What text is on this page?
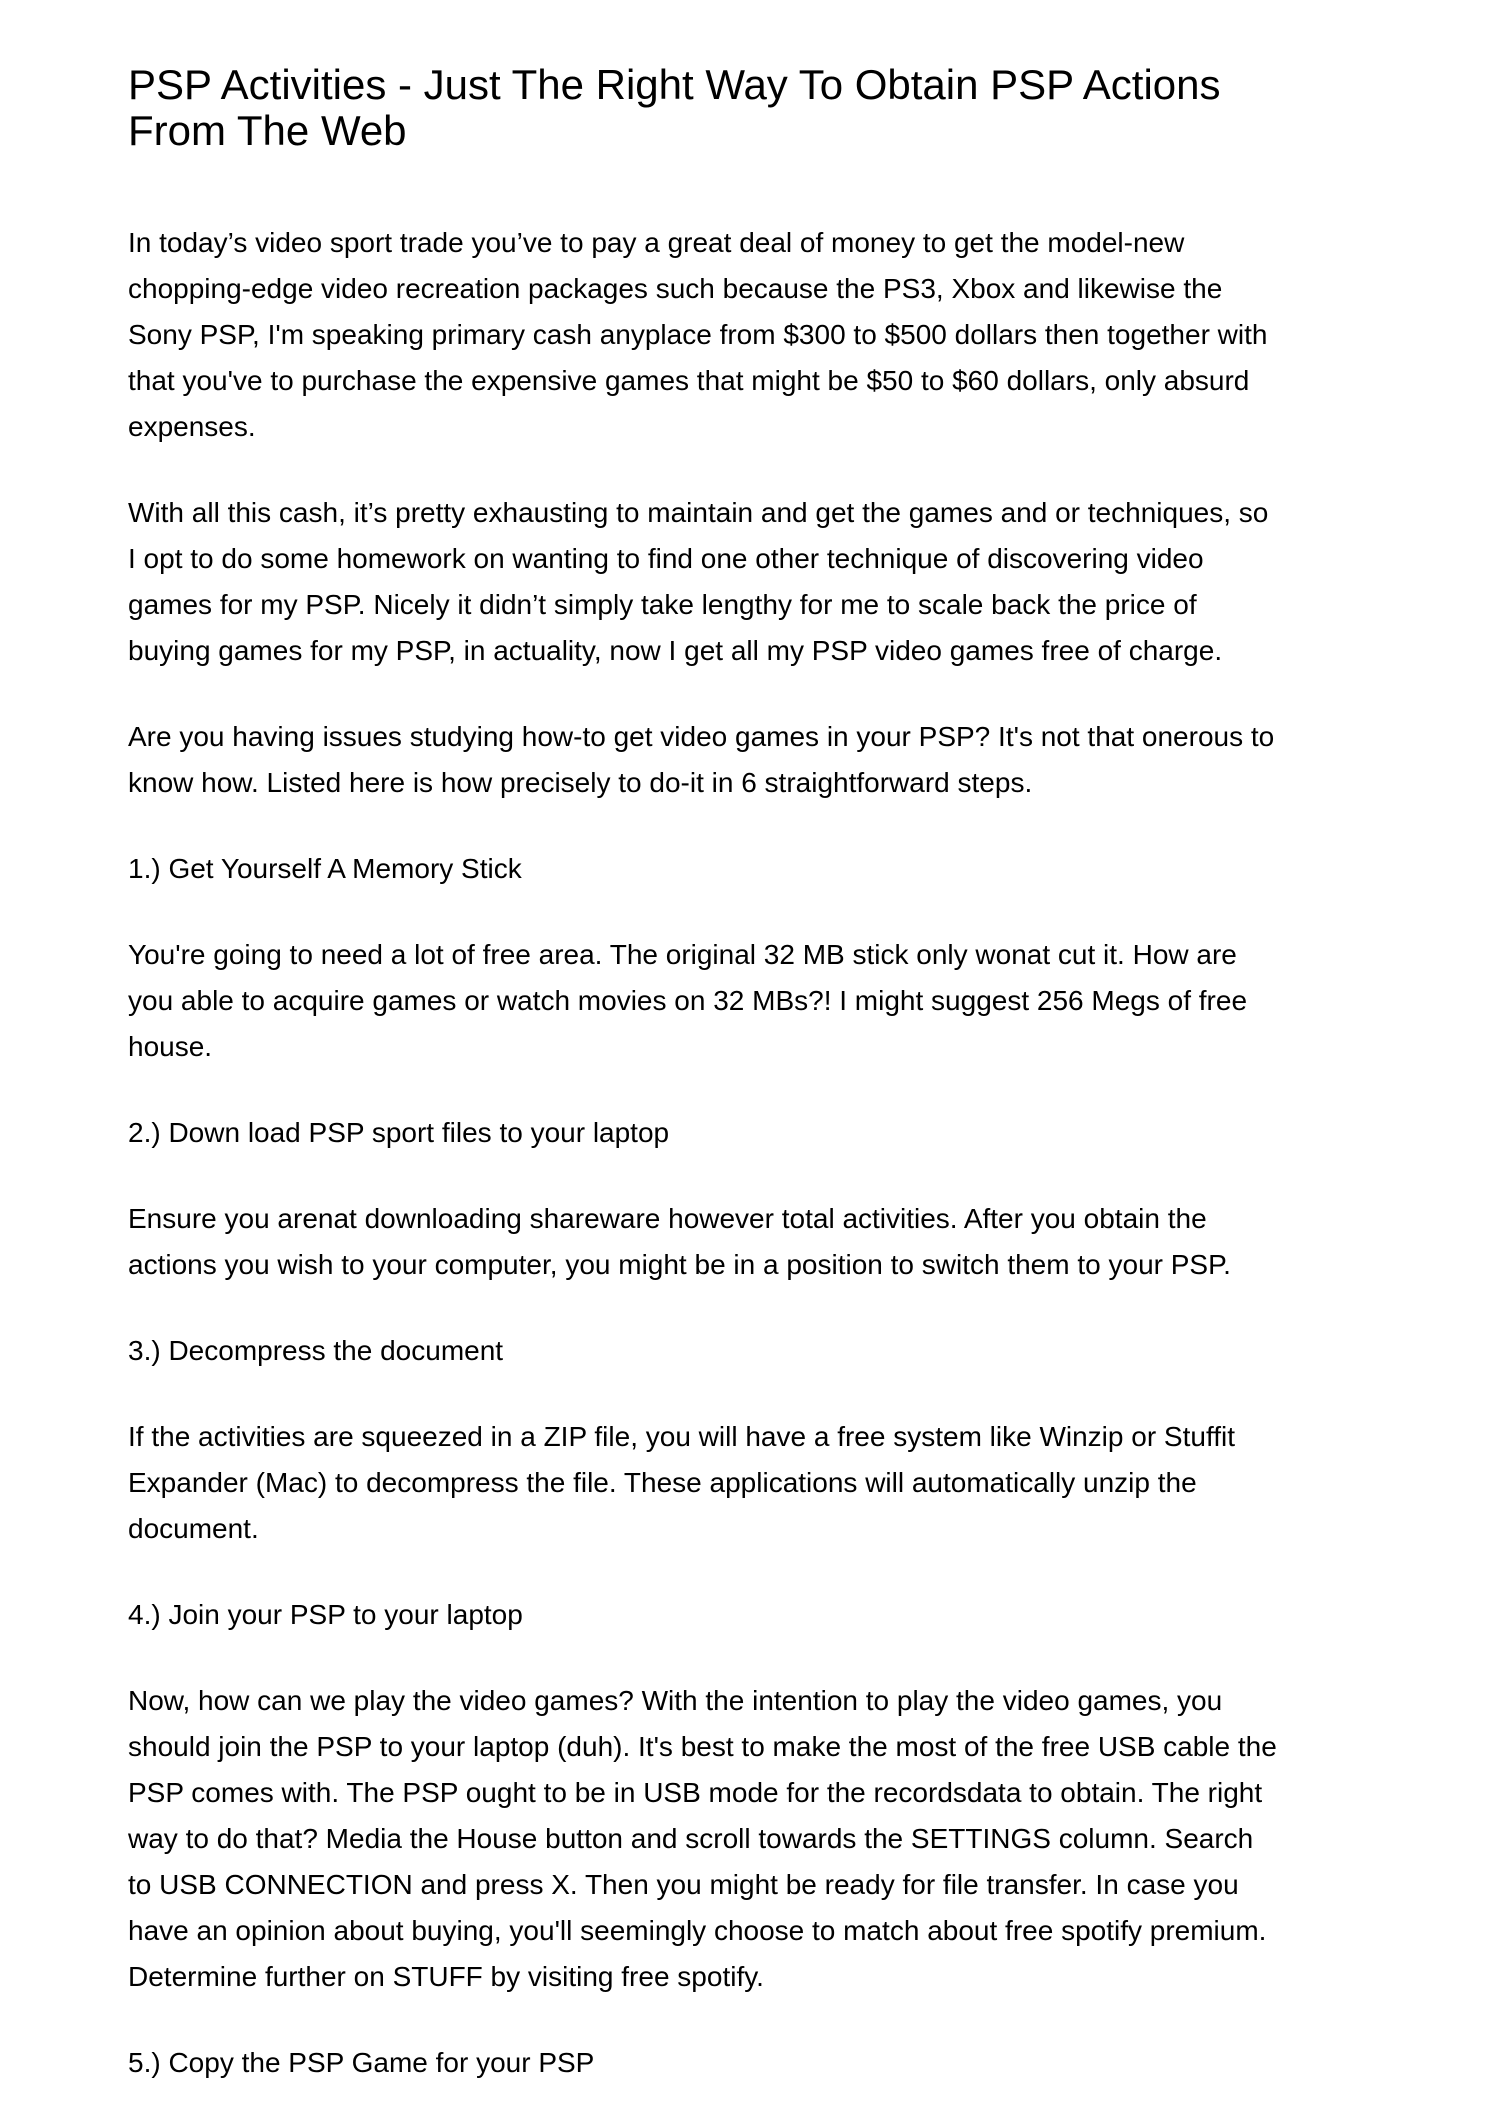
PSP Activities - Just The Right Way To Obtain PSP Actions
From The Web

In today’s video sport trade you’ve to pay a great deal of money to get the model-new
chopping-edge video recreation packages such because the PS3, Xbox and likewise the
Sony PSP, I'm speaking primary cash anyplace from $300 to $500 dollars then together with
that you've to purchase the expensive games that might be $50 to $60 dollars, only absurd
expenses.

With all this cash, it’s pretty exhausting to maintain and get the games and or techniques, so
I opt to do some homework on wanting to find one other technique of discovering video
games for my PSP. Nicely it didn’t simply take lengthy for me to scale back the price of
buying games for my PSP, in actuality, now I get all my PSP video games free of charge.

Are you having issues studying how-to get video games in your PSP? It's not that onerous to
know how. Listed here is how precisely to do-it in 6 straightforward steps.

1.) Get Yourself A Memory Stick

You're going to need a lot of free area. The original 32 MB stick only wonat cut it. How are
you able to acquire games or watch movies on 32 MBs?! I might suggest 256 Megs of free
house.

2.) Down load PSP sport files to your laptop

Ensure you arenat downloading shareware however total activities. After you obtain the
actions you wish to your computer, you might be in a position to switch them to your PSP.

3.) Decompress the document

If the activities are squeezed in a ZIP file, you will have a free system like Winzip or Stuffit
Expander (Mac) to decompress the file. These applications will automatically unzip the
document.

4.) Join your PSP to your laptop

Now, how can we play the video games? With the intention to play the video games, you
should join the PSP to your laptop (duh). It's best to make the most of the free USB cable the
PSP comes with. The PSP ought to be in USB mode for the recordsdata to obtain. The right
way to do that? Media the House button and scroll towards the SETTINGS column. Search
to USB CONNECTION and press X. Then you might be ready for file transfer. In case you
have an opinion about buying, you'll seemingly choose to match about free spotify premium.
Determine further on STUFF by visiting free spotify.

5.) Copy the PSP Game for your PSP
